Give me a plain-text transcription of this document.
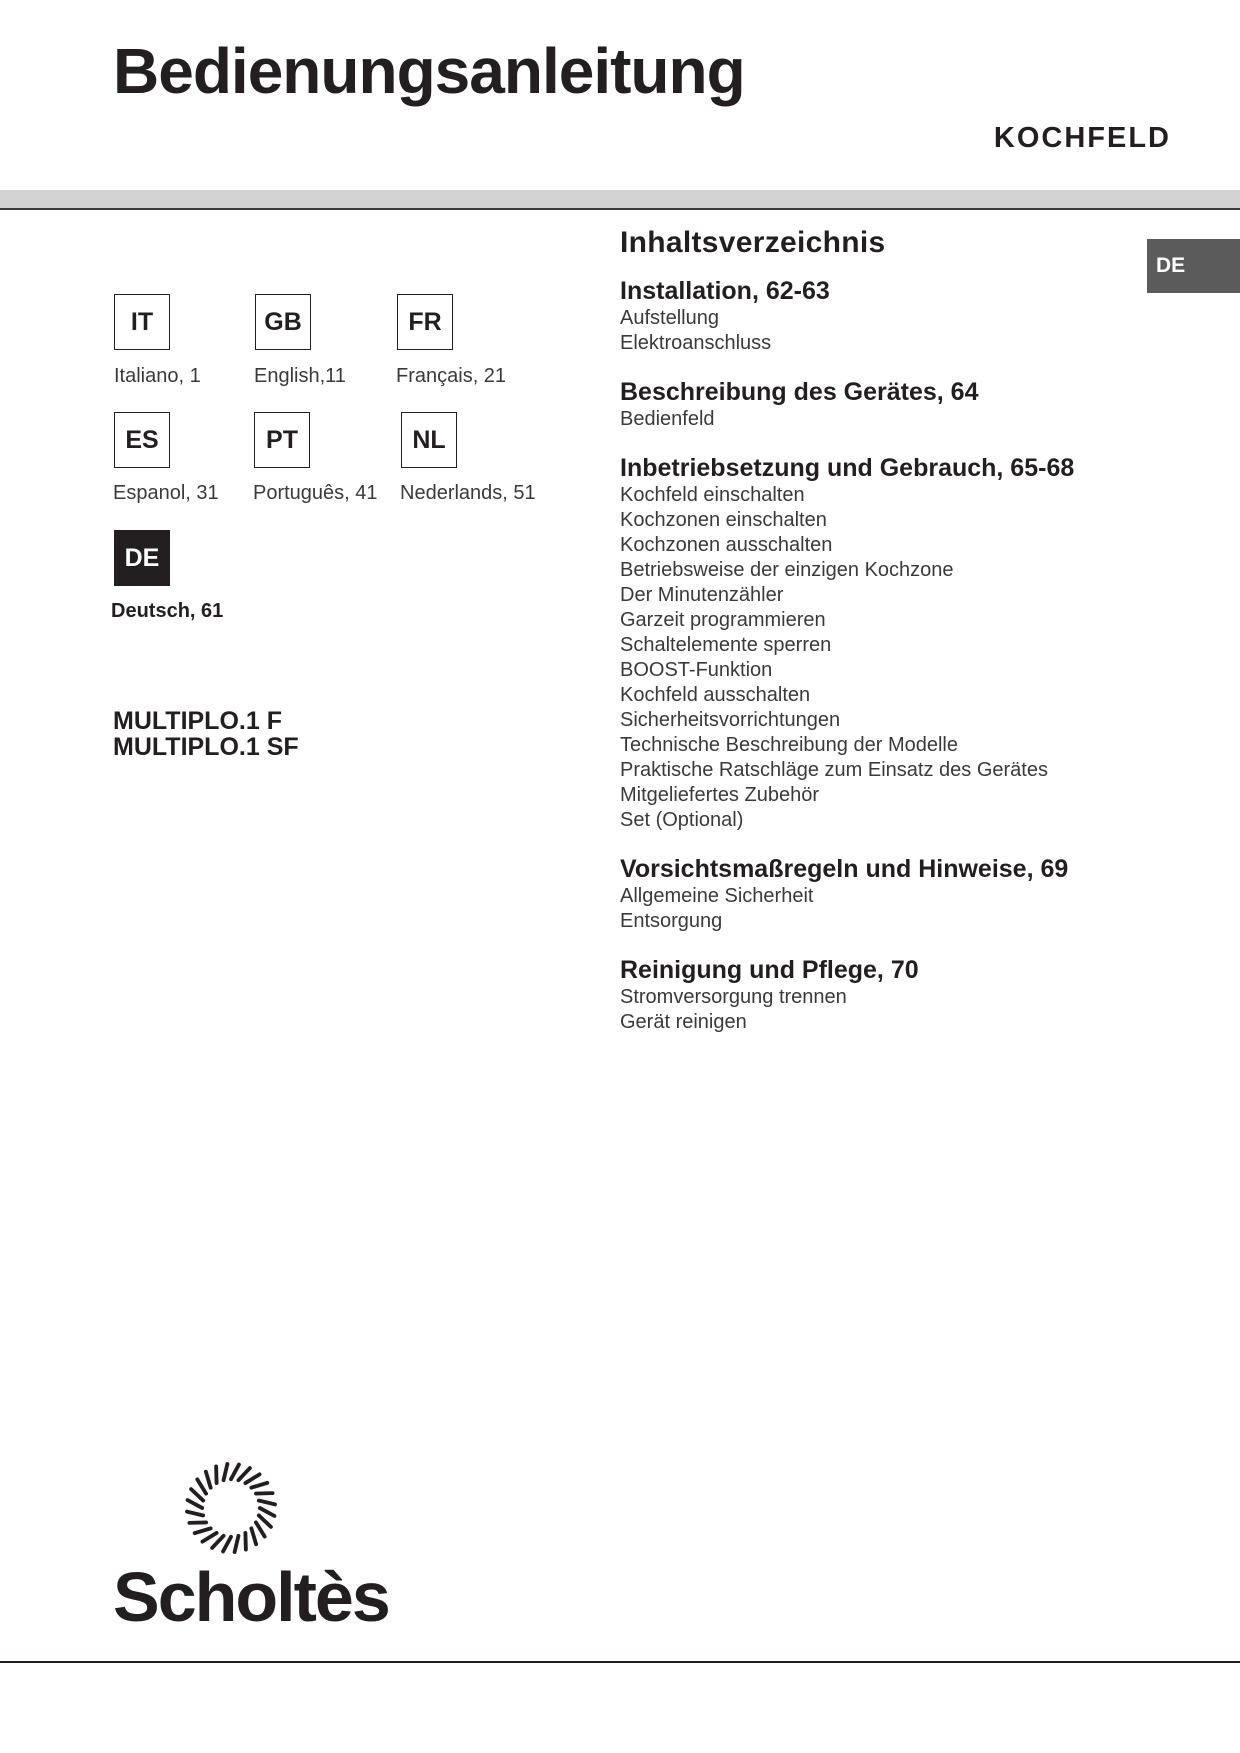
Bedienungsanleitung
KOCHFELD
DE
IT
Italiano, 1
GB
English,11
FR
Français, 21
ES
Espanol, 31
PT
Português, 41
NL
Nederlands, 51
DE
Deutsch, 61
MULTIPLO.1 F
MULTIPLO.1 SF
Inhaltsverzeichnis
Installation, 62-63
Aufstellung
Elektroanschluss
Beschreibung des Gerätes, 64
Bedienfeld
Inbetriebsetzung und Gebrauch, 65-68
Kochfeld einschalten
Kochzonen einschalten
Kochzonen ausschalten
Betriebsweise der einzigen Kochzone
Der Minutenzähler
Garzeit programmieren
Schaltelemente sperren
BOOST-Funktion
Kochfeld ausschalten
Sicherheitsvorrichtungen
Technische Beschreibung der Modelle
Praktische Ratschläge zum Einsatz des Gerätes
Mitgeliefertes Zubehör
Set (Optional)
Vorsichtsmaßregeln und Hinweise, 69
Allgemeine Sicherheit
Entsorgung
Reinigung und Pflege, 70
Stromversorgung trennen
Gerät reinigen
Scholtès
